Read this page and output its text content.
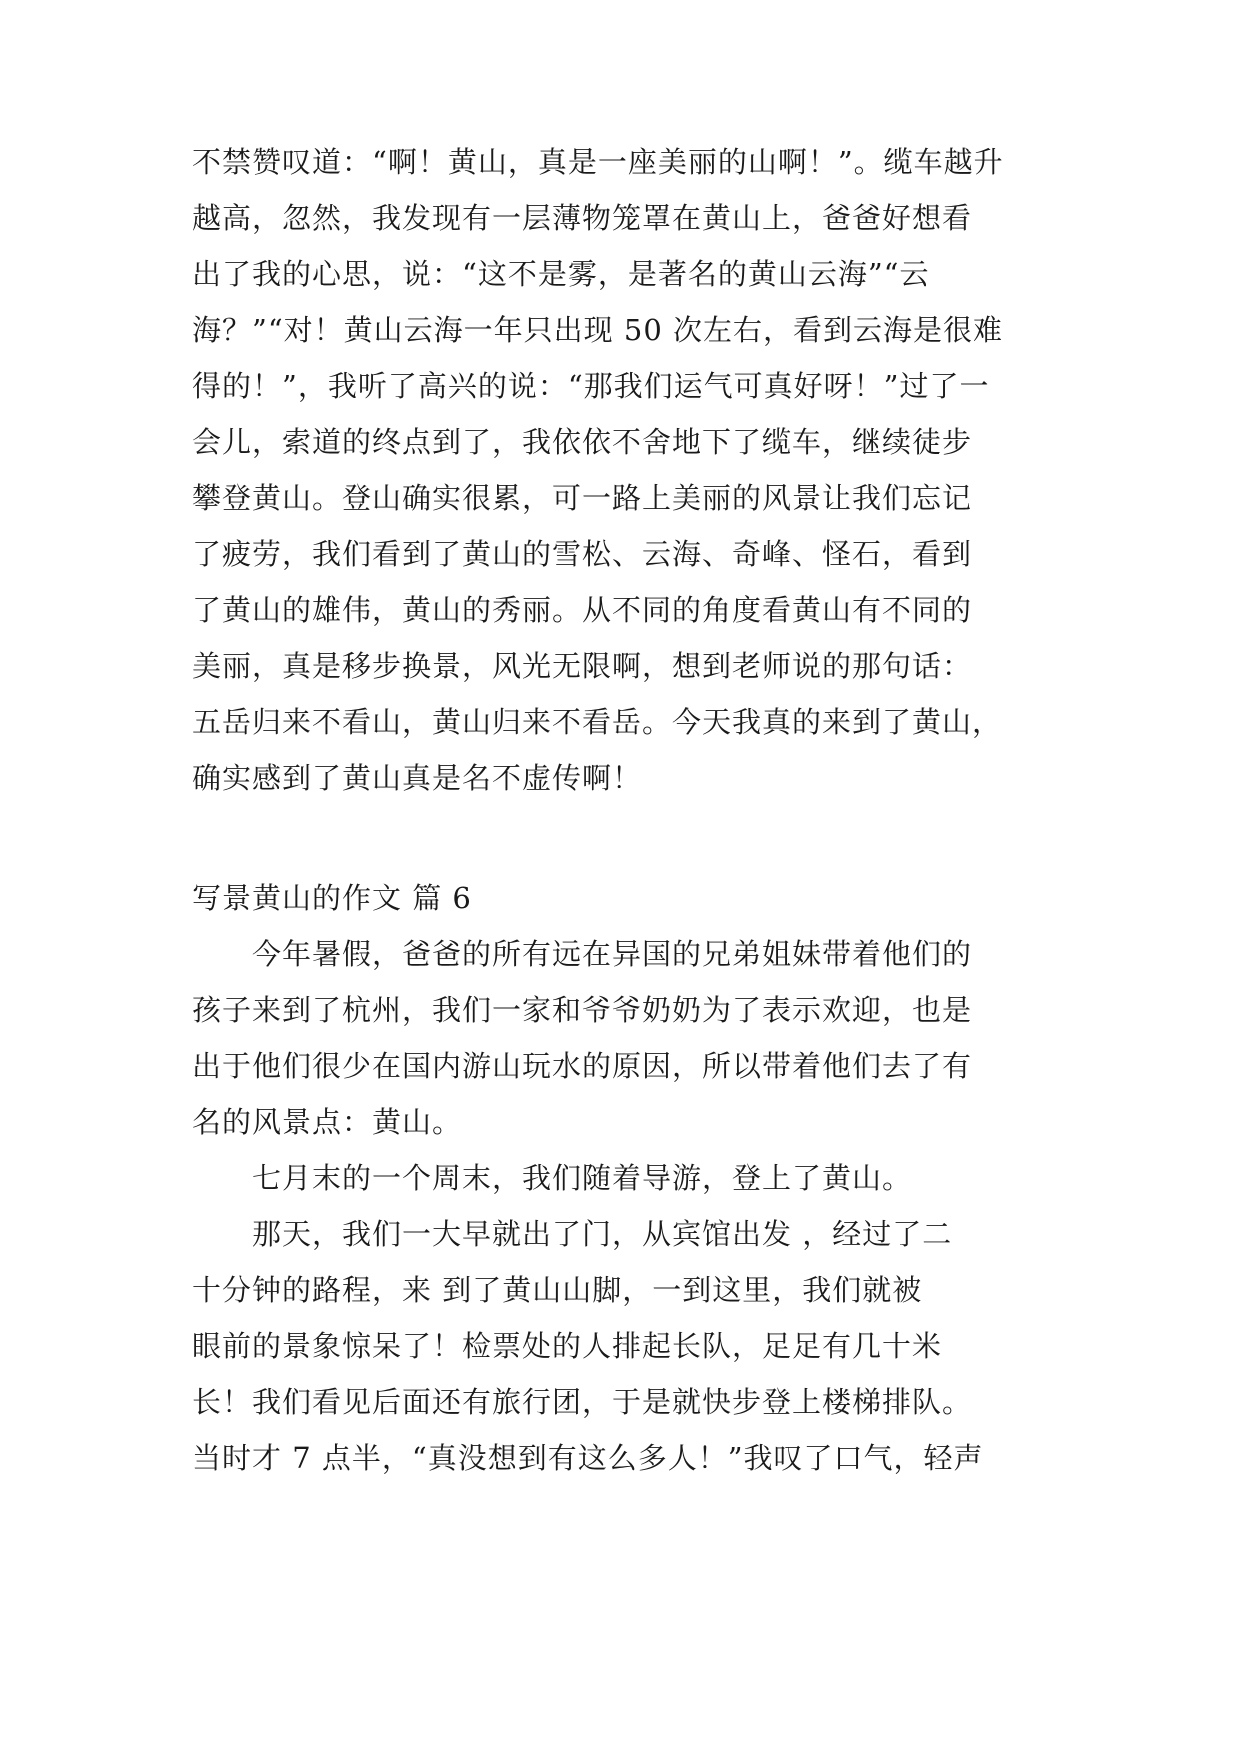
不禁赞叹道：“啊！黄山，真是一座美丽的山啊！”。缆车越升
越高，忽然，我发现有一层薄物笼罩在黄山上，爸爸好想看
出了我的心思，说：“这不是雾，是著名的黄山云海”“云
海？”“对！黄山云海一年只出现 50 次左右，看到云海是很难
得的！”，我听了高兴的说：“那我们运气可真好呀！”过了一
会儿，索道的终点到了，我依依不舍地下了缆车，继续徒步
攀登黄山。登山确实很累，可一路上美丽的风景让我们忘记
了疲劳，我们看到了黄山的雪松、云海、奇峰、怪石，看到
了黄山的雄伟，黄山的秀丽。从不同的角度看黄山有不同的
美丽，真是移步换景，风光无限啊，想到老师说的那句话：
五岳归来不看山，黄山归来不看岳。今天我真的来到了黄山，
确实感到了黄山真是名不虚传啊！
写景黄山的作文 篇 6
今年暑假，爸爸的所有远在异国的兄弟姐妹带着他们的
孩子来到了杭州，我们一家和爷爷奶奶为了表示欢迎，也是
出于他们很少在国内游山玩水的原因，所以带着他们去了有
名的风景点：黄山。
七月末的一个周末，我们随着导游，登上了黄山。
那天，我们一大早就出了门，从宾馆出发 ，经过了二
十分钟的路程，来 到了黄山山脚，一到这里，我们就被
眼前的景象惊呆了！检票处的人排起长队，足足有几十米
长！我们看见后面还有旅行团，于是就快步登上楼梯排队。
当时才 7 点半，“真没想到有这么多人！”我叹了口气，轻声
